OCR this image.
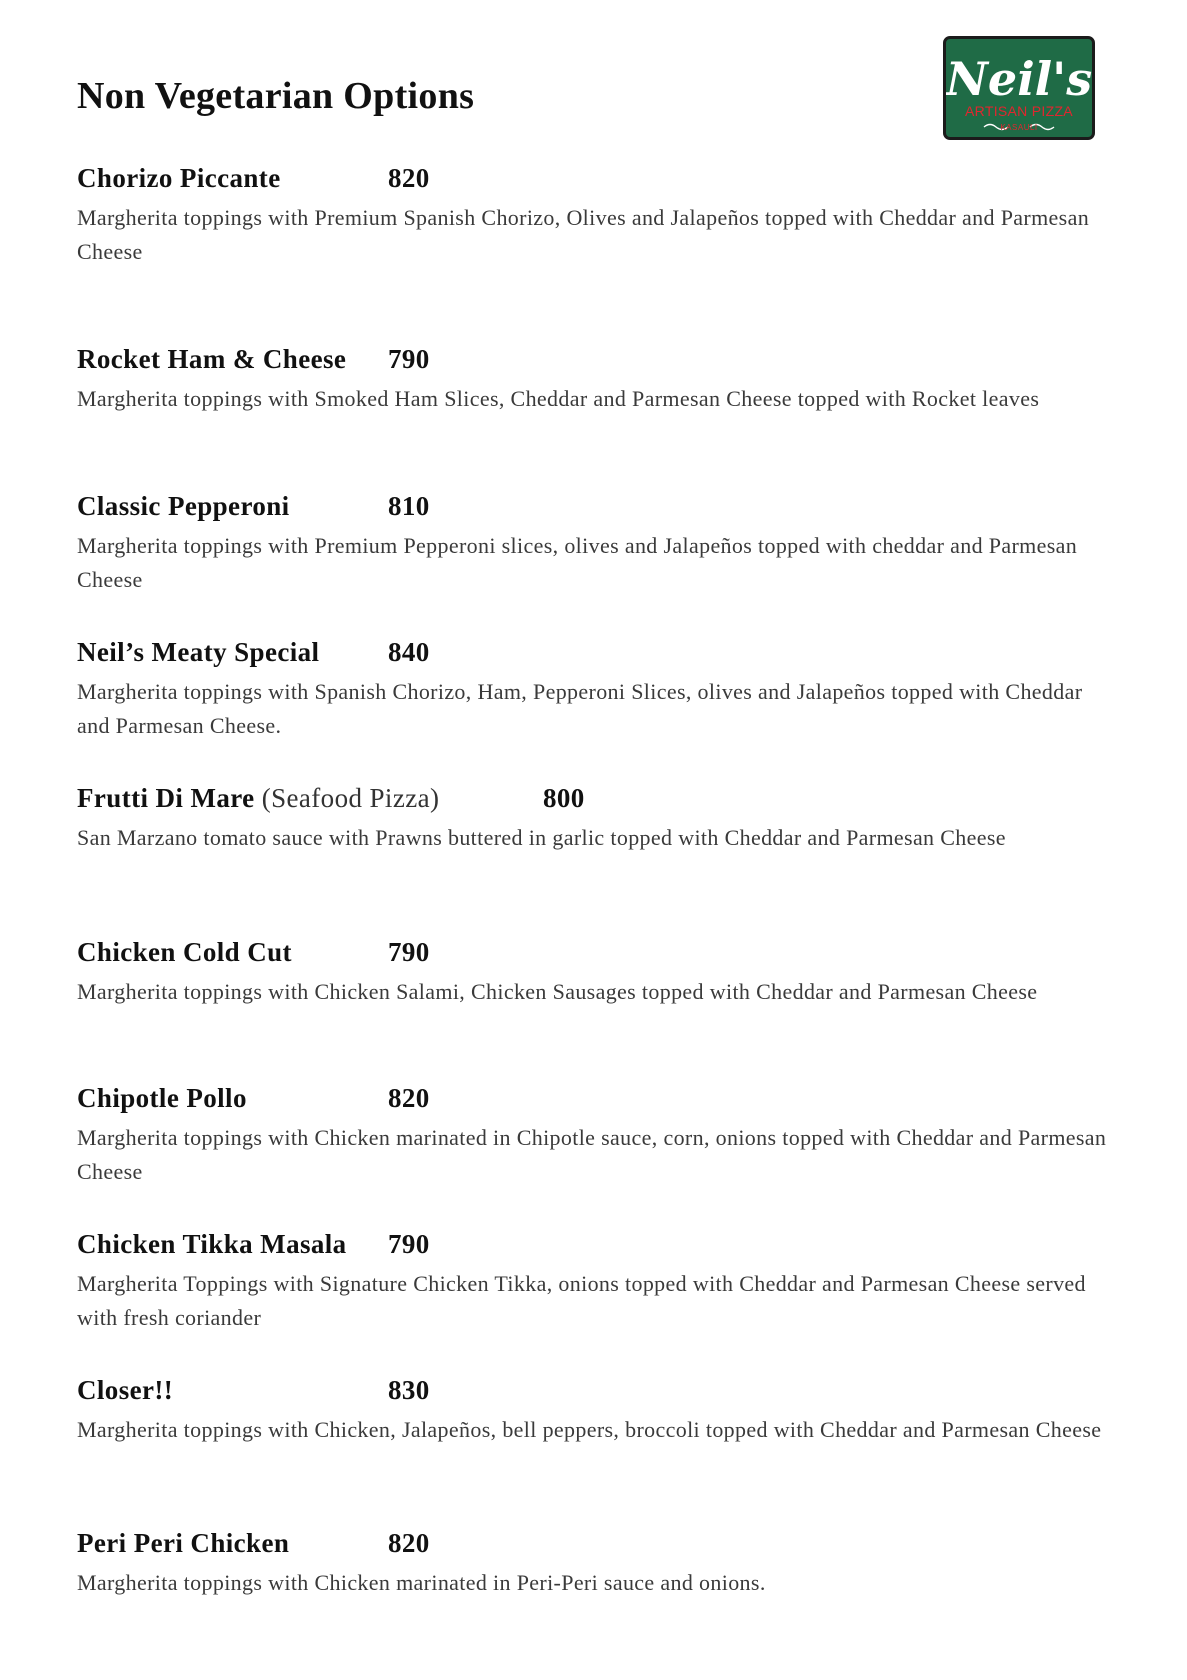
Non Vegetarian Options	Neil's
ARTISAN PIZZA
KASAULI
Chorizo Piccante	820

Margherita toppings with Premium Spanish Chorizo, Olives and Jalapeños topped with Cheddar and Parmesan Cheese

Rocket Ham & Cheese 790

Margherita toppings with Smoked Ham Slices, Cheddar and Parmesan Cheese topped with Rocket leaves

Classic Pepperoni	810

Margherita toppings with Premium Pepperoni slices, olives and Jalapeños topped with cheddar and Parmesan Cheese

Neil’s Meaty Special	840

Margherita toppings with Spanish Chorizo, Ham, Pepperoni Slices, olives and Jalapeños topped with Cheddar and Parmesan Cheese.

Frutti Di Mare (Seafood Pizza)	800

San Marzano tomato sauce with Prawns buttered in garlic topped with Cheddar and Parmesan Cheese

Chicken Cold Cut	790

Margherita toppings with Chicken Salami, Chicken Sausages topped with Cheddar and Parmesan Cheese

Chipotle Pollo	820

Margherita toppings with Chicken marinated in Chipotle sauce, corn, onions topped with Cheddar and Parmesan Cheese

Chicken Tikka Masala 790

Margherita Toppings with Signature Chicken Tikka, onions topped with Cheddar and Parmesan Cheese served with fresh coriander

Closer!!	830

Margherita toppings with Chicken, Jalapeños, bell peppers, broccoli topped with Cheddar and Parmesan Cheese

Peri Peri Chicken	820

Margherita toppings with Chicken marinated in Peri-Peri sauce and onions.
